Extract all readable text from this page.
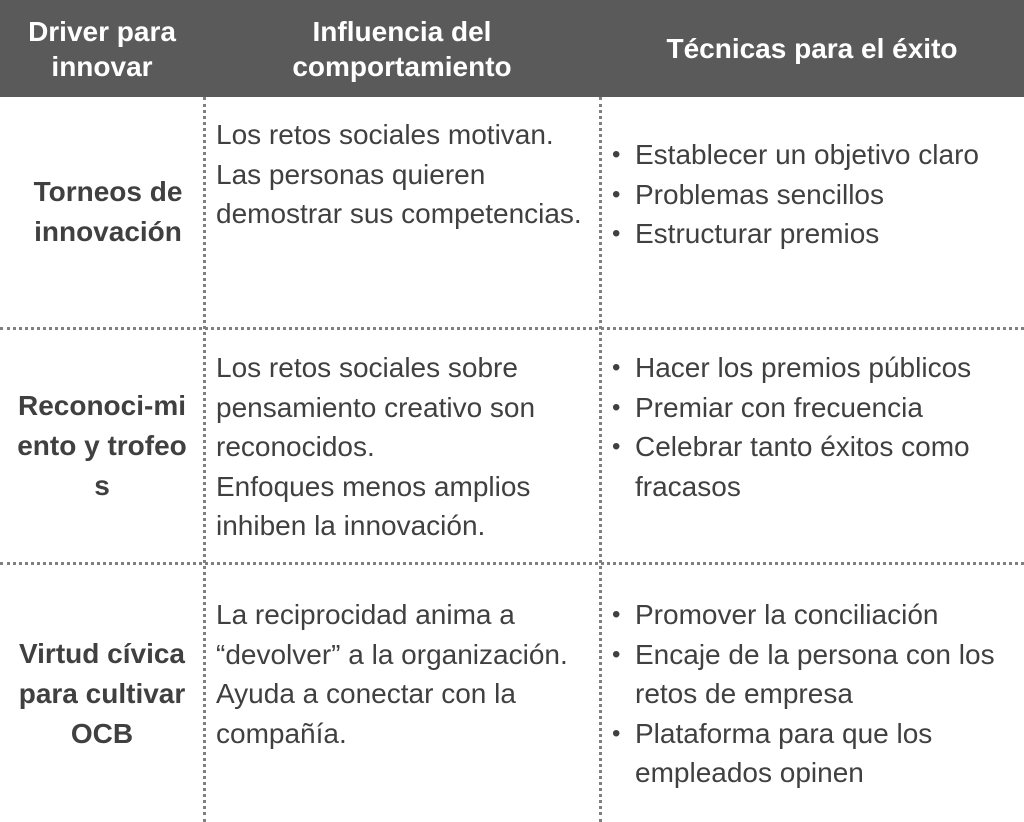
Driver para innovar
Influencia del comportamiento
Técnicas para el éxito
Torneos de innovación

Los retos sociales motivan.

Las personas quieren demostrar sus competencias.

• Establecer un objetivo claro
• Problemas sencillos
• Estructurar premios
Reconoci-miento y trofeos

Los retos sociales sobre pensamiento creativo son reconocidos.

Enfoques menos amplios inhiben la innovación.

• Hacer los premios públicos
• Premiar con frecuencia
• Celebrar tanto éxitos como fracasos
Virtud cívica para cultivar OCB

La reciprocidad anima a “devolver” a la organización. Ayuda a conectar con la compañía.

• Promover la conciliación
• Encaje de la persona con los retos de empresa
• Plataforma para que los empleados opinen
